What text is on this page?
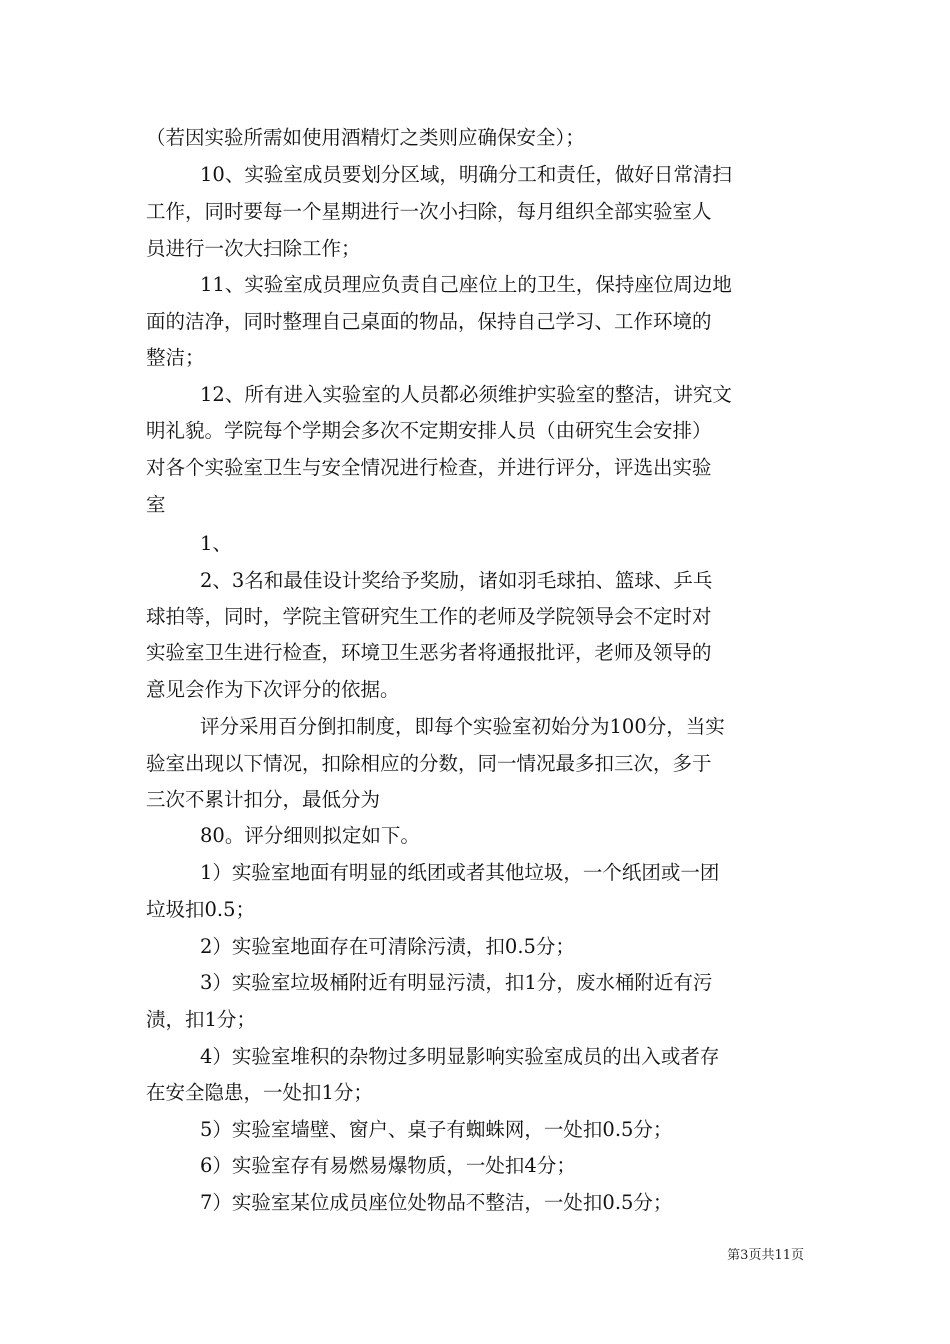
（若因实验所需如使用酒精灯之类则应确保安全）；
10、实验室成员要划分区域，明确分工和责任，做好日常清扫
工作，同时要每一个星期进行一次小扫除，每月组织全部实验室人
员进行一次大扫除工作；
11、实验室成员理应负责自己座位上的卫生，保持座位周边地
面的洁净，同时整理自己桌面的物品，保持自己学习、工作环境的
整洁；
12、所有进入实验室的人员都必须维护实验室的整洁，讲究文
明礼貌。学院每个学期会多次不定期安排人员（由研究生会安排）
对各个实验室卫生与安全情况进行检查，并进行评分，评选出实验
室
1、
2、3名和最佳设计奖给予奖励，诸如羽毛球拍、篮球、乒乓
球拍等，同时，学院主管研究生工作的老师及学院领导会不定时对
实验室卫生进行检查，环境卫生恶劣者将通报批评，老师及领导的
意见会作为下次评分的依据。
评分采用百分倒扣制度，即每个实验室初始分为100分，当实
验室出现以下情况，扣除相应的分数，同一情况最多扣三次，多于
三次不累计扣分，最低分为
80。评分细则拟定如下。
1）实验室地面有明显的纸团或者其他垃圾，一个纸团或一团
垃圾扣0.5；
2）实验室地面存在可清除污渍，扣0.5分；
3）实验室垃圾桶附近有明显污渍，扣1分，废水桶附近有污
渍，扣1分；
4）实验室堆积的杂物过多明显影响实验室成员的出入或者存
在安全隐患，一处扣1分；
5）实验室墙壁、窗户、桌子有蜘蛛网，一处扣0.5分；
6）实验室存有易燃易爆物质，一处扣4分；
7）实验室某位成员座位处物品不整洁，一处扣0.5分；
第3页共11页
